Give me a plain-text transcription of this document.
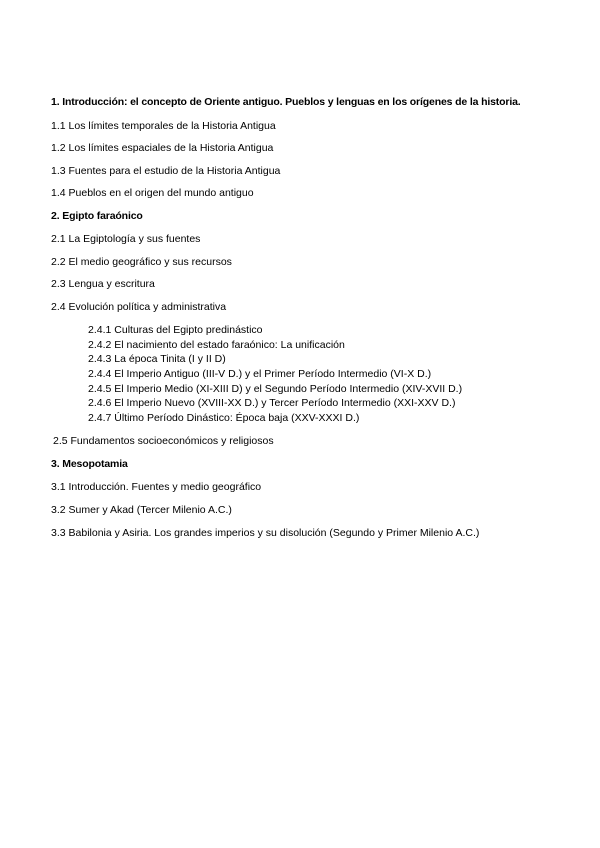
1. Introducción: el concepto de Oriente antiguo. Pueblos y lenguas en los orígenes de la historia.
1.1 Los límites temporales de la Historia Antigua
1.2 Los límites espaciales de la Historia Antigua
1.3 Fuentes para el estudio de la Historia Antigua
1.4 Pueblos en el origen del mundo antiguo
2. Egipto faraónico
2.1 La Egiptología y sus fuentes
2.2 El medio geográfico y sus recursos
2.3 Lengua y escritura
2.4 Evolución política y administrativa
2.4.1 Culturas del Egipto predinástico
2.4.2 El nacimiento del estado faraónico: La unificación
2.4.3 La época Tinita (I y II D)
2.4.4 El Imperio Antiguo (III-V D.) y el Primer Período Intermedio (VI-X D.)
2.4.5 El Imperio Medio (XI-XIII D) y el Segundo Período Intermedio (XIV-XVII D.)
2.4.6 El Imperio Nuevo (XVIII-XX D.) y Tercer Período Intermedio (XXI-XXV D.)
2.4.7 Último Período Dinástico: Época baja (XXV-XXXI D.)
2.5 Fundamentos socioeconómicos y religiosos
3. Mesopotamia
3.1 Introducción. Fuentes y medio geográfico
3.2 Sumer y Akad (Tercer Milenio A.C.)
3.3 Babilonia y Asiria. Los grandes imperios y su disolución (Segundo y Primer Milenio A.C.)
